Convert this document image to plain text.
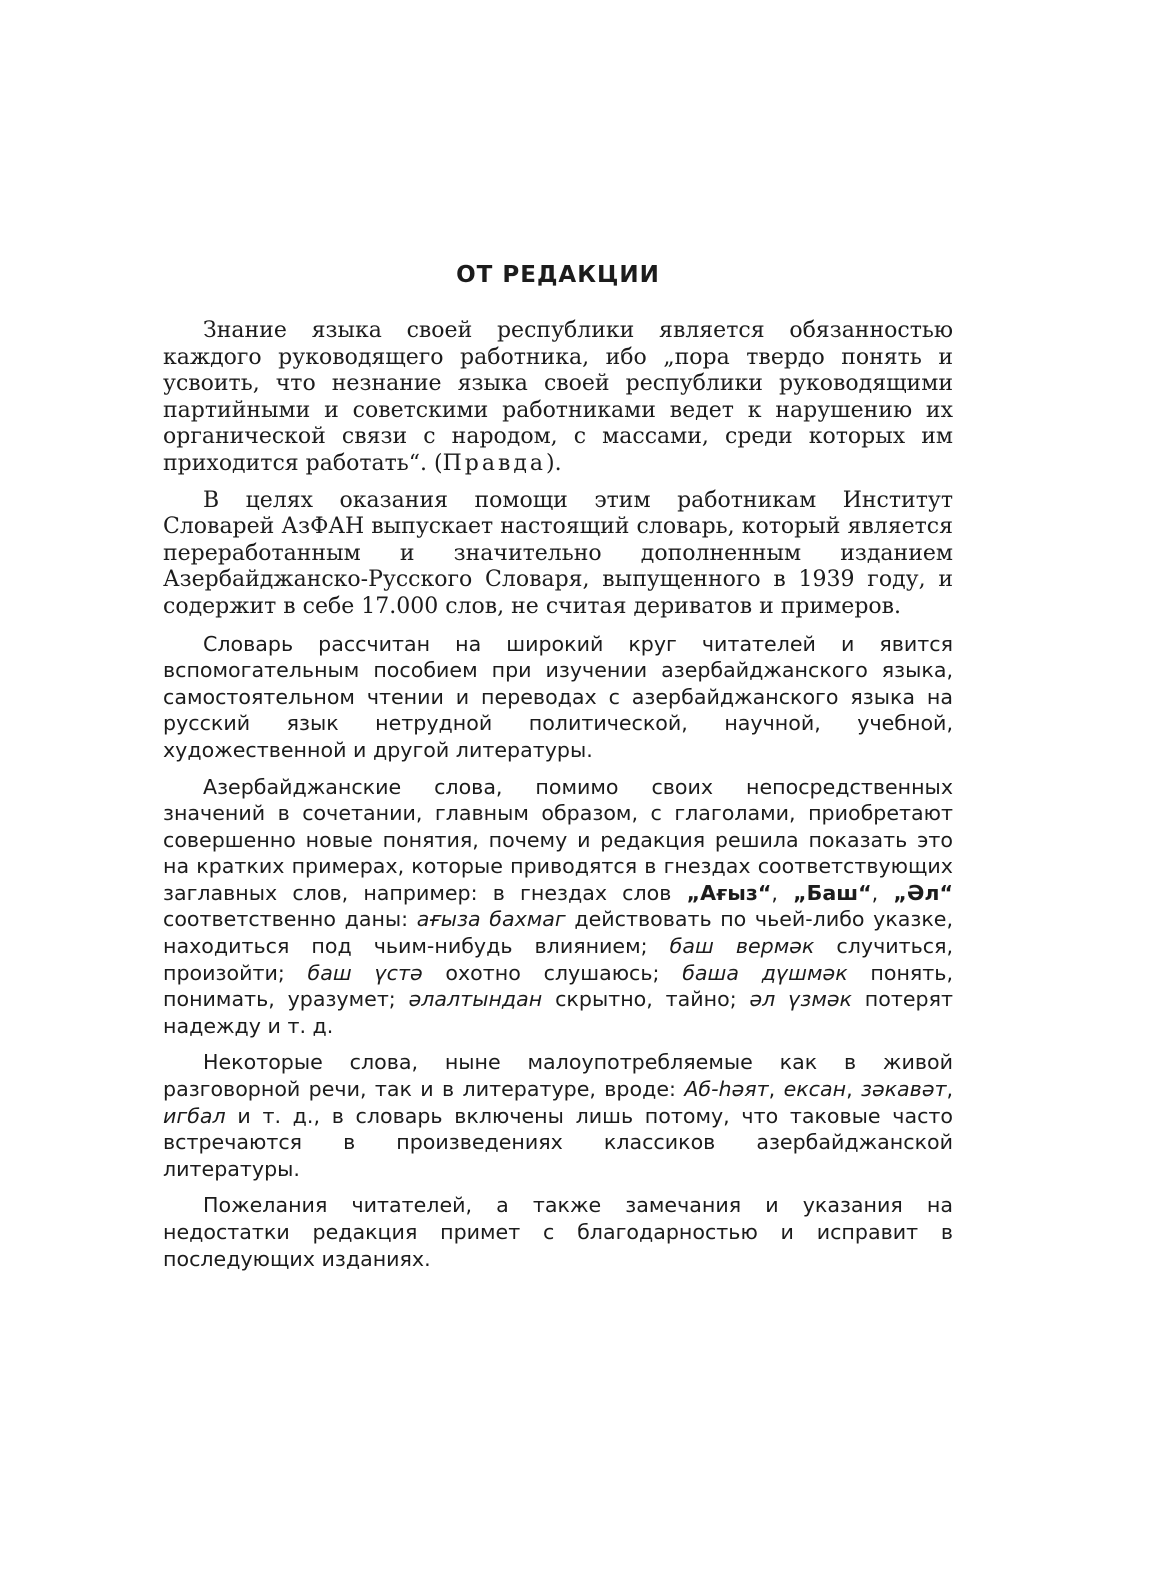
ОТ РЕДАКЦИИ

Знание языка своей республики является обязанностью каждого руководящего работника, ибо „пора твердо понять и усвоить, что незнание языка своей республики руководящими партийными и советскими работниками ведет к нарушению их органической связи с народом, с массами, среди которых им приходится работать“. (Правда).

В целях оказания помощи этим работникам Институт Словарей АзФАН выпускает настоящий словарь, который является переработанным и значительно дополненным изданием Азербайджанско-Русского Словаря, выпущенного в 1939 году, и содержит в себе 17.000 слов, не считая дериватов и примеров.

Словарь рассчитан на широкий круг читателей и явится вспомогательным пособием при изучении азербайджанского языка, самостоятельном чтении и переводах с азербайджанского языка на русский язык нетрудной политической, научной, учебной, художественной и другой литературы.

Азербайджанские слова, помимо своих непосредственных значений в сочетании, главным образом, с глаголами, приобретают совершенно новые понятия, почему и редакция решила показать это на кратких примерах, которые приводятся в гнездах соответствующих заглавных слов, например: в гнездах слов „Ағыз“, „Баш“, „Әл“ соответственно даны: ағыза бахмаг действовать по чьей-либо указке, находиться под чьим-нибудь влиянием; баш вермәк случиться, произойти; баш үстә охотно слушаюсь; баша дүшмәк понять, понимать, уразумет; әлалтындан скрытно, тайно; әл үзмәк потерят надежду и т. д.

Некоторые слова, ныне малоупотребляемые как в живой разговорной речи, так и в литературе, вроде: Аб-һәят, ексан, зәкавәт, игбал и т. д., в словарь включены лишь потому, что таковые часто встречаются в произведениях классиков азербайджанской литературы.

Пожелания читателей, а также замечания и указания на недостатки редакция примет с благодарностью и исправит в последующих изданиях.
